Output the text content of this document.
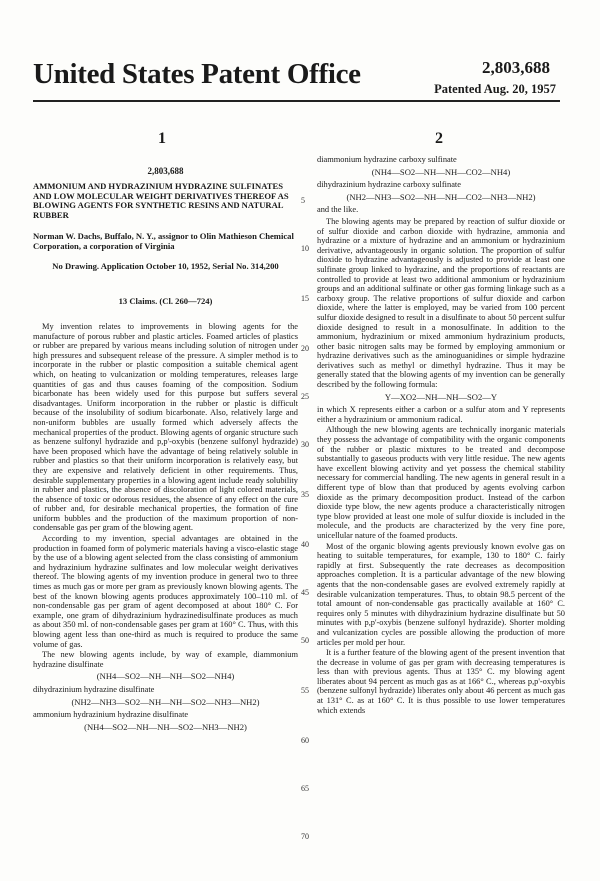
United States Patent Office	2,803,688
Patented Aug. 20, 1957
1	2
2,803,688
AMMONIUM AND HYDRAZINIUM HYDRAZINE SULFINATES AND LOW MOLECULAR WEIGHT DERIVATIVES THEREOF AS BLOWING AGENTS FOR SYNTHETIC RESINS AND NATURAL RUBBER
Norman W. Dachs, Buffalo, N. Y., assignor to Olin Mathieson Chemical Corporation, a corporation of Virginia
No Drawing. Application October 10, 1952, Serial No. 314,200
13 Claims. (Cl. 260—724)

My invention relates to improvements in blowing agents for the manufacture of porous rubber and plastic articles. Foamed articles of plastics or rubber are prepared by various means including solution of nitrogen under high pressures and subsequent release of the pressure. A simpler method is to incorporate in the rubber or plastic composition a suitable chemical agent which, on heating to vulcanization or molding temperatures, releases large quantities of gas and thus causes foaming of the composition. Sodium bicarbonate has been widely used for this purpose but suffers several disadvantages. Uniform incorporation in the rubber or plastic is difficult because of the insolubility of sodium bicarbonate. Also, relatively large and non-uniform bubbles are usually formed which adversely affects the mechanical properties of the product. Blowing agents of organic structure such as benzene sulfonyl hydrazide and p,p'-oxybis (benzene sulfonyl hydrazide) have been proposed which have the advantage of being relatively soluble in rubber and plastics so that their uniform incorporation is relatively easy, but they are expensive and relatively deficient in other requirements. Thus, desirable supplementary properties in a blowing agent include ready solubility in rubber and plastics, the absence of discoloration of light colored materials, the absence of toxic or odorous residues, the absence of any effect on the cure of rubber and, for desirable mechanical properties, the formation of fine uniform bubbles and the production of the maximum proportion of non-condensable gas per gram of the blowing agent.

According to my invention, special advantages are obtained in the production in foamed form of polymeric materials having a visco-elastic stage by the use of a blowing agent selected from the class consisting of ammonium and hydrazinium hydrazine sulfinates and low molecular weight derivatives thereof. The blowing agents of my invention produce in general two to three times as much gas or more per gram as previously known blowing agents. The best of the known blowing agents produces approximately 100–110 ml. of non-condensable gas per gram of agent decomposed at about 180° C. For example, one gram of dihydrazinium hydrazinedisulfinate produces as much as about 350 ml. of non-condensable gases per gram at 160° C. Thus, with this blowing agent less than one-third as much is required to produce the same volume of gas.

The new blowing agents include, by way of example, diammonium hydrazine disulfinate

(NH4—SO2—NH—NH—SO2—NH4)

dihydrazinium hydrazine disulfinate

(NH2—NH3—SO2—NH—NH—SO2—NH3—NH2)

ammonium hydrazinium hydrazine disulfinate

(NH4—SO2—NH—NH—SO2—NH3—NH2)

diammonium hydrazine carboxy sulfinate

(NH4—SO2—NH—NH—CO2—NH4)

dihydrazinium hydrazine carboxy sulfinate

(NH2—NH3—SO2—NH—NH—CO2—NH3—NH2)

and the like.

The blowing agents may be prepared by reaction of sulfur dioxide or of sulfur dioxide and carbon dioxide with hydrazine, ammonia and hydrazine or a mixture of hydrazine and an ammonium or hydrazinium derivative, advantageously in organic solution. The proportion of sulfur dioxide to hydrazine advantageously is adjusted to provide at least one sulfinate group linked to hydrazine, and the proportions of reactants are controlled to provide at least two additional ammonium or hydrazinium groups and an additional sulfinate or other gas forming linkage such as a carboxy group. The relative proportions of sulfur dioxide and carbon dioxide, where the latter is employed, may be varied from 100 percent sulfur dioxide designed to result in a disulfinate to about 50 percent sulfur dioxide designed to result in a monosulfinate. In addition to the ammonium, hydrazinium or mixed ammonium hydrazinium products, other basic nitrogen salts may be formed by employing ammonium or hydrazine derivatives such as the aminoguanidines or simple hydrazine derivatives such as methyl or dimethyl hydrazine. Thus it may be generally stated that the blowing agents of my invention can be generally described by the following formula:

Y—XO2—NH—NH—SO2—Y

in which X represents either a carbon or a sulfur atom and Y represents either a hydrazinium or ammonium radical.

Although the new blowing agents are technically inorganic materials they possess the advantage of compatibility with the organic components of the rubber or plastic mixtures to be treated and decompose substantially to gaseous products with very little residue. The new agents have excellent blowing activity and yet possess the chemical stability necessary for commercial handling. The new agents in general result in a different type of blow than that produced by agents evolving carbon dioxide as the primary decomposition product. Instead of the carbon dioxide type blow, the new agents produce a characteristically nitrogen type blow provided at least one mole of sulfur dioxide is included in the molecule, and the products are characterized by the very fine pore, unicellular nature of the foamed products.

Most of the organic blowing agents previously known evolve gas on heating to suitable temperatures, for example, 130 to 180° C. fairly rapidly at first. Subsequently the rate decreases as decomposition approaches completion. It is a particular advantage of the new blowing agents that the non-condensable gases are evolved extremely rapidly at desirable vulcanization temperatures. Thus, to obtain 98.5 percent of the total amount of non-condensable gas practically available at 160° C. requires only 5 minutes with dihydrazinium hydrazine disulfinate but 50 minutes with p,p'-oxybis (benzene sulfonyl hydrazide). Shorter molding and vulcanization cycles are possible allowing the production of more articles per mold per hour.

It is a further feature of the blowing agent of the present invention that the decrease in volume of gas per gram with decreasing temperatures is less than with previous agents. Thus at 135° C. my blowing agent liberates about 94 percent as much gas as at 166° C., whereas p,p'-oxybis (benzene sulfonyl hydrazide) liberates only about 46 percent as much gas at 131° C. as at 160° C. It is thus possible to use lower temperatures which extends

5
10
15
20
25
30
35
40
45
50
55
60
65
70
